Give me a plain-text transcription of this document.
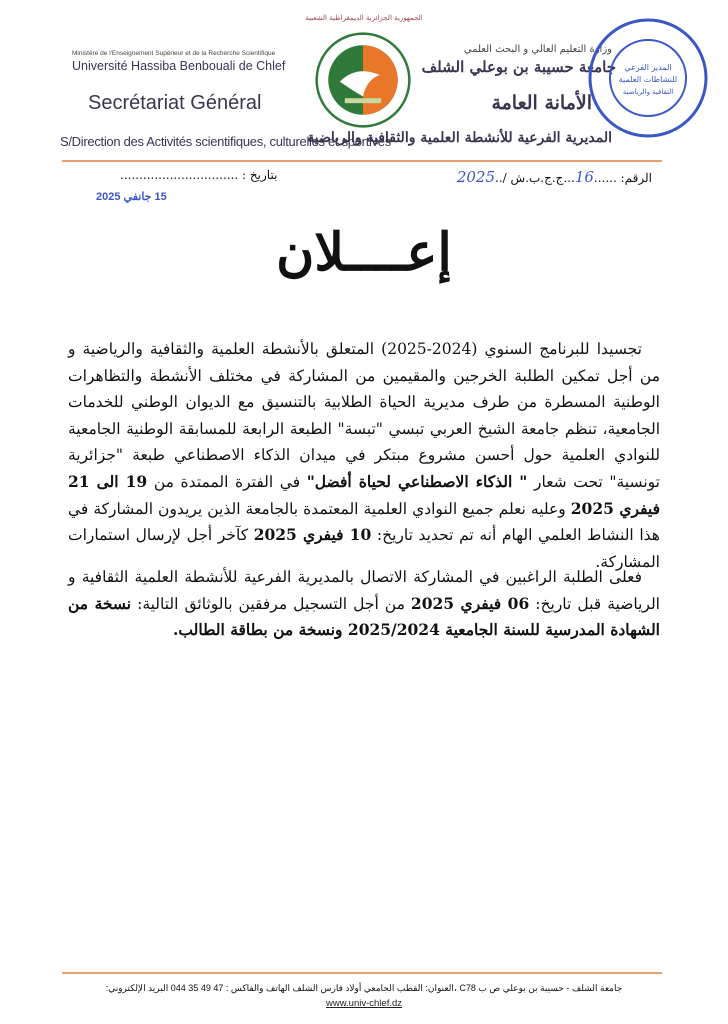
الجمهورية الجزائرية الديمقراطية الشعبية
Ministère de l'Enseignement Supérieur et de la Recherche Scientifique
Université Hassiba Benbouali de Chlef
Secrétariat Général
S/Direction des Activités scientifiques, culturelles et sportives
وزارة التعليم العالي و البحث العلمي
جامعة حسيبة بن بوعلي الشلف
الأمانة العامة
المديرية الفرعية للأنشطة العلمية والثقافية والرياضية
المدير الفرعي
للنشاطات العلمية
الثقافية والرياضية
الرقم: ......16...ج.ج.ب.ش /..2025
بتاريخ : ...............................
15 جانفي 2025
إعــــلان

تجسيدا للبرنامج السنوي (2024-2025) المتعلق بالأنشطة العلمية والثقافية والرياضية و من أجل تمكين الطلبة الخرجين والمقيمين من المشاركة في مختلف الأنشطة والتظاهرات الوطنية المسطرة من طرف مديرية الحياة الطلابية بالتنسيق مع الديوان الوطني للخدمات الجامعية، تنظم جامعة الشيخ العربي تبسي "تبسة" الطبعة الرابعة للمسابقة الوطنية الجامعية للنوادي العلمية حول أحسن مشروع مبتكر في ميدان الذكاء الاصطناعي طبعة "جزائرية تونسية" تحت شعار " الذكاء الاصطناعي لحياة أفضل" في الفترة الممتدة من 19 الى 21 فيفري 2025 وعليه نعلم جميع النوادي العلمية المعتمدة بالجامعة الذين يريدون المشاركة في هذا النشاط العلمي الهام أنه تم تحديد تاريخ: 10 فيفري 2025 كآخر أجل لإرسال استمارات المشاركة.

فعلى الطلبة الراغبين في المشاركة الاتصال بالمديرية الفرعية للأنشطة العلمية الثقافية و الرياضية قبل تاريخ: 06 فيفري 2025 من أجل التسجيل مرفقين بالوثائق التالية: نسخة من الشهادة المدرسية للسنة الجامعية 2025/2024 ونسخة من بطاقة الطالب.

جامعة الشلف - حسيبة بن بوعلي ص ب C78 ،العنوان: القطب الجامعي أولاد فارس الشلف الهاتف والفاكس : 47 49 35 044 البريد الإلكتروني:
www.univ-chlef.dz
